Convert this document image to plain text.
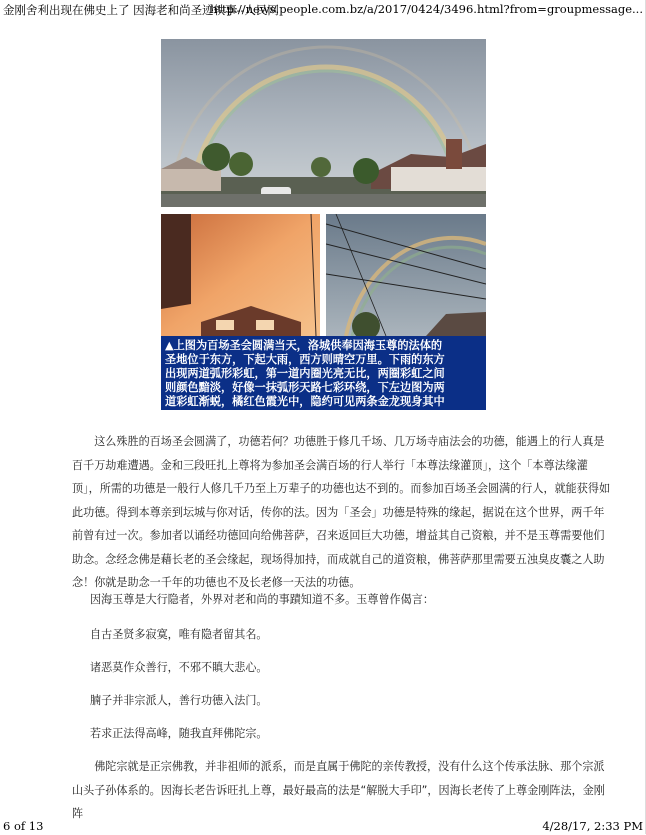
金刚舍利出现在佛史上了 因海老和尚圣迹轶事--人民网
http://news.people.com.bz/a/2017/0424/3496.html?from=groupmessage...
▲上图为百场圣会圆满当天，洛城供奉因海玉尊的法体的
圣地位于东方，下起大雨，西方则晴空万里。下雨的东方
出现两道弧形彩虹，第一道内圈光亮无比，两圈彩虹之间
则颜色黯淡，好像一抹弧形天路七彩环绕，下左边图为两
道彩虹渐蜕，橘红色霞光中，隐约可见两条金龙现身其中

这么殊胜的百场圣会圆满了，功德若何？功德胜于修几千场、几万场寺庙法会的功德，能遇上的行人真是百千万劫难遭遇。金和三段旺扎上尊将为参加圣会满百场的行人举行「本尊法缘灌顶」，这个「本尊法缘灌顶」，所需的功德是一般行人修几千乃至上万辈子的功德也达不到的。而参加百场圣会圆满的行人，就能获得如此功德。得到本尊亲到坛城与你对话，传你的法。因为「圣会」功德是特殊的缘起，据说在这个世界，两千年前曾有过一次。参加者以诵经功德回向给佛菩萨，召来返回巨大功德，增益其自己资粮，并不是玉尊需要他们助念。念经念佛是藉长老的圣会缘起，现场得加持，而成就自己的道资粮，佛菩萨那里需要五浊臭皮囊之人助念！你就是助念一千年的功德也不及长老修一天法的功德。

因海玉尊是大行隐者，外界对老和尚的事蹟知道不多。玉尊曾作偈言：
自古圣贤多寂寞，唯有隐者留其名。
诸恶莫作众善行，不邪不瞋大悲心。
腩子并非宗派人，善行功德入法门。
若求正法得高峰，随我直拜佛陀宗。

佛陀宗就是正宗佛教，并非祖师的派系，而是直属于佛陀的亲传教授，没有什么这个传承法脉、那个宗派山头子孙体系的。因海长老告诉旺扎上尊，最好最高的法是“解脱大手印”，因海长老传了上尊金刚阵法，金刚阵

6 of 13	4/28/17, 2:33 PM
